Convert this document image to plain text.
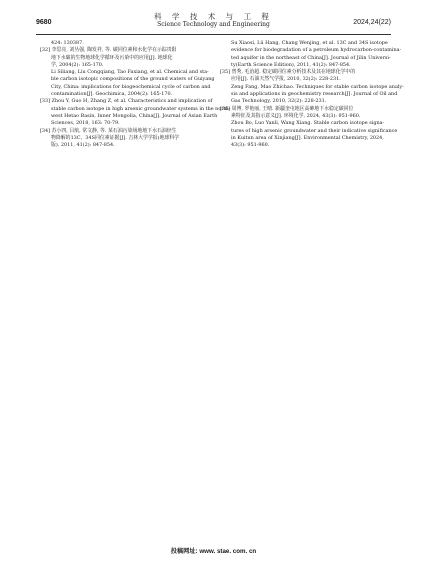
9680
科 学 技 术 与 工 程
Science Technology and Engineering	2024,24(22)
424: 130387.
[32] 李思亮, 刘丛强, 陶发祥, 等. 碳同位素和水化学在示踪贵阳
地下水碳的生物地球化学循环及污染中的应用[J]. 地球化
学, 2004(2): 165-170.
Li Siliang, Liu Congqiang, Tao Faxiang, et al. Chemical and sta-
ble carbon isotopic compositions of the ground waters of Guiyang
City, China: implications for biogeochemical cycle of carbon and
contamination[J]. Geochimica, 2004(2): 165-170.
[33] Zhou Y, Guo H, Zhang Z, et al. Characteristics and implication of
stable carbon isotope in high arsenic groundwater systems in the north-
west Hetao Basin, Inner Mongolia, China[J]. Journal of Asian Earth
Sciences, 2018, 163: 70-79.
[34] 苏小四, 吕航, 常文静, 等. 某石油污染场地地下水石油烃生
物降解的13C、34S同位素证据[J]. 吉林大学学报(地球科学
版), 2011, 41(2): 847-854.
Su Xiaosi, Lü Hang, Chang Wenjing, et al. 13C and 34S isotope
evidence for biodegradation of a petroleum hydrocarbon-contamina-
ted aquifer in the northeast of China[J]. Journal of Jilin Universi-
ty(Earth Science Edition), 2011, 41(2): 847-854.
[35] 曾秀, 毛治超. 稳定碳同位素分析技术及其在地球化学中的
应用[J]. 石油天然气学报, 2010, 32(2): 228-231.
Zeng Fang, Mao Zhichao. Techniques for stable carbon isotope analy-
sis and applications in geochemistry research[J]. Journal of Oil and
Gas Technology, 2010, 32(2): 228-231.
[36] 周博, 罗艳丽, 王晴. 新疆奎屯地区高砷地下水稳定碳同位
素特征及其指示意义[J]. 环境化学, 2024, 43(3): 951-960.
Zhou Bo, Luo Yanli, Wang Xiang. Stable carbon isotope signa-
tures of high arsenic groundwater and their indicative significance
in Kuitun area of Xinjiang[J]. Environmental Chemistry, 2024,
43(3): 951-960.
投稿网址: www. stae. com. cn
